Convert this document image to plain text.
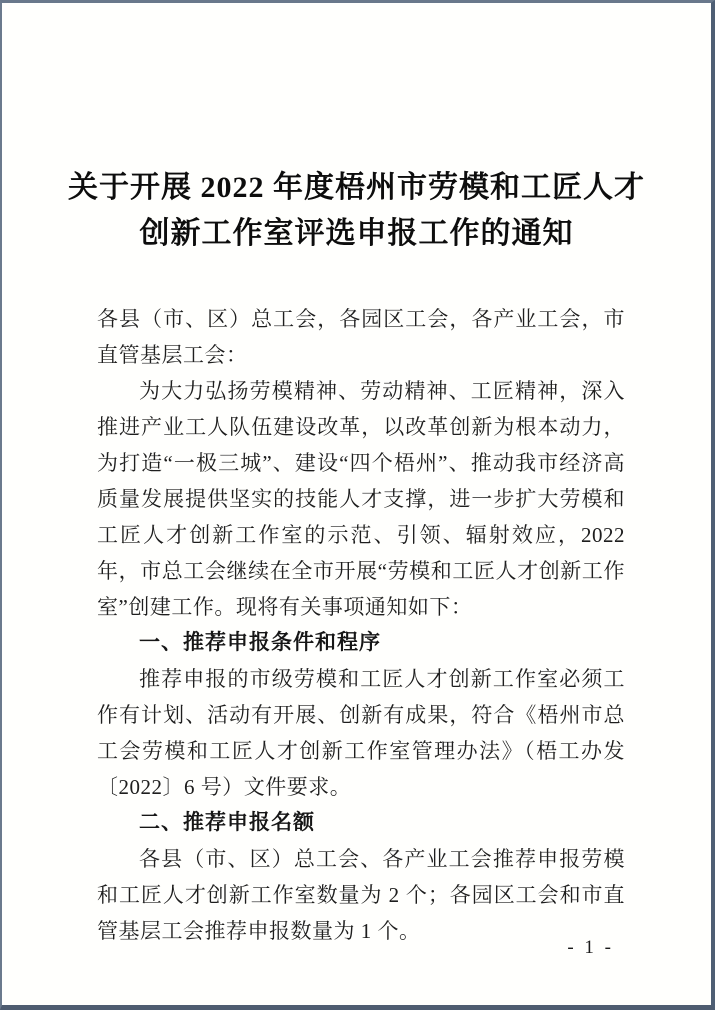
关于开展 2022 年度梧州市劳模和工匠人才
创新工作室评选申报工作的通知

各县（市、区）总工会，各园区工会，各产业工会，市直管基层工会：

为大力弘扬劳模精神、劳动精神、工匠精神，深入推进产业工人队伍建设改革，以改革创新为根本动力，为打造“一极三城”、建设“四个梧州”、推动我市经济高质量发展提供坚实的技能人才支撑，进一步扩大劳模和工匠人才创新工作室的示范、引领、辐射效应，2022 年，市总工会继续在全市开展“劳模和工匠人才创新工作室”创建工作。现将有关事项通知如下：

一、推荐申报条件和程序

推荐申报的市级劳模和工匠人才创新工作室必须工作有计划、活动有开展、创新有成果，符合《梧州市总工会劳模和工匠人才创新工作室管理办法》（梧工办发〔2022〕6 号）文件要求。

二、推荐申报名额

各县（市、区）总工会、各产业工会推荐申报劳模和工匠人才创新工作室数量为 2 个；各园区工会和市直管基层工会推荐申报数量为 1 个。

- 1 -
